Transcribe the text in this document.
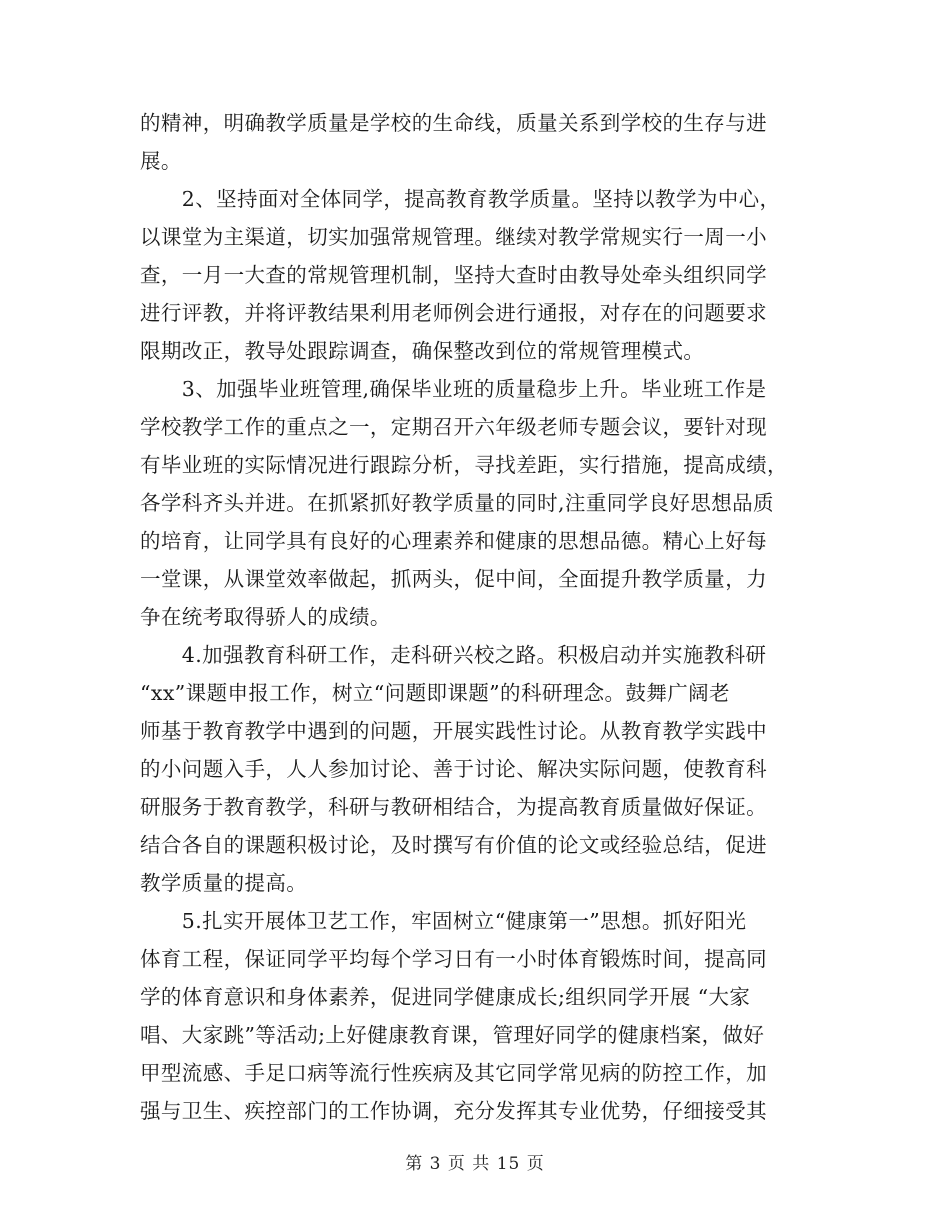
的精神，明确教学质量是学校的生命线，质量关系到学校的生存与进
展。
　　2、坚持面对全体同学，提高教育教学质量。坚持以教学为中心，
以课堂为主渠道，切实加强常规管理。继续对教学常规实行一周一小
查，一月一大查的常规管理机制，坚持大查时由教导处牵头组织同学
进行评教，并将评教结果利用老师例会进行通报，对存在的问题要求
限期改正，教导处跟踪调查，确保整改到位的常规管理模式。
　　3、加强毕业班管理,确保毕业班的质量稳步上升。毕业班工作是
学校教学工作的重点之一，定期召开六年级老师专题会议，要针对现
有毕业班的实际情况进行跟踪分析，寻找差距，实行措施，提高成绩，
各学科齐头并进。在抓紧抓好教学质量的同时,注重同学良好思想品质
的培育，让同学具有良好的心理素养和健康的思想品德。精心上好每
一堂课，从课堂效率做起，抓两头，促中间，全面提升教学质量，力
争在统考取得骄人的成绩。
　　4.加强教育科研工作，走科研兴校之路。积极启动并实施教科研
“xx”课题申报工作，树立“问题即课题”的科研理念。鼓舞广阔老
师基于教育教学中遇到的问题，开展实践性讨论。从教育教学实践中
的小问题入手，人人参加讨论、善于讨论、解决实际问题，使教育科
研服务于教育教学，科研与教研相结合，为提高教育质量做好保证。
结合各自的课题积极讨论，及时撰写有价值的论文或经验总结，促进
教学质量的提高。
　　5.扎实开展体卫艺工作，牢固树立“健康第一”思想。抓好阳光
体育工程，保证同学平均每个学习日有一小时体育锻炼时间，提高同
学的体育意识和身体素养，促进同学健康成长;组织同学开展 “大家
唱、大家跳”等活动;上好健康教育课，管理好同学的健康档案，做好
甲型流感、手足口病等流行性疾病及其它同学常见病的防控工作，加
强与卫生、疾控部门的工作协调，充分发挥其专业优势，仔细接受其
第 3 页 共 15 页
